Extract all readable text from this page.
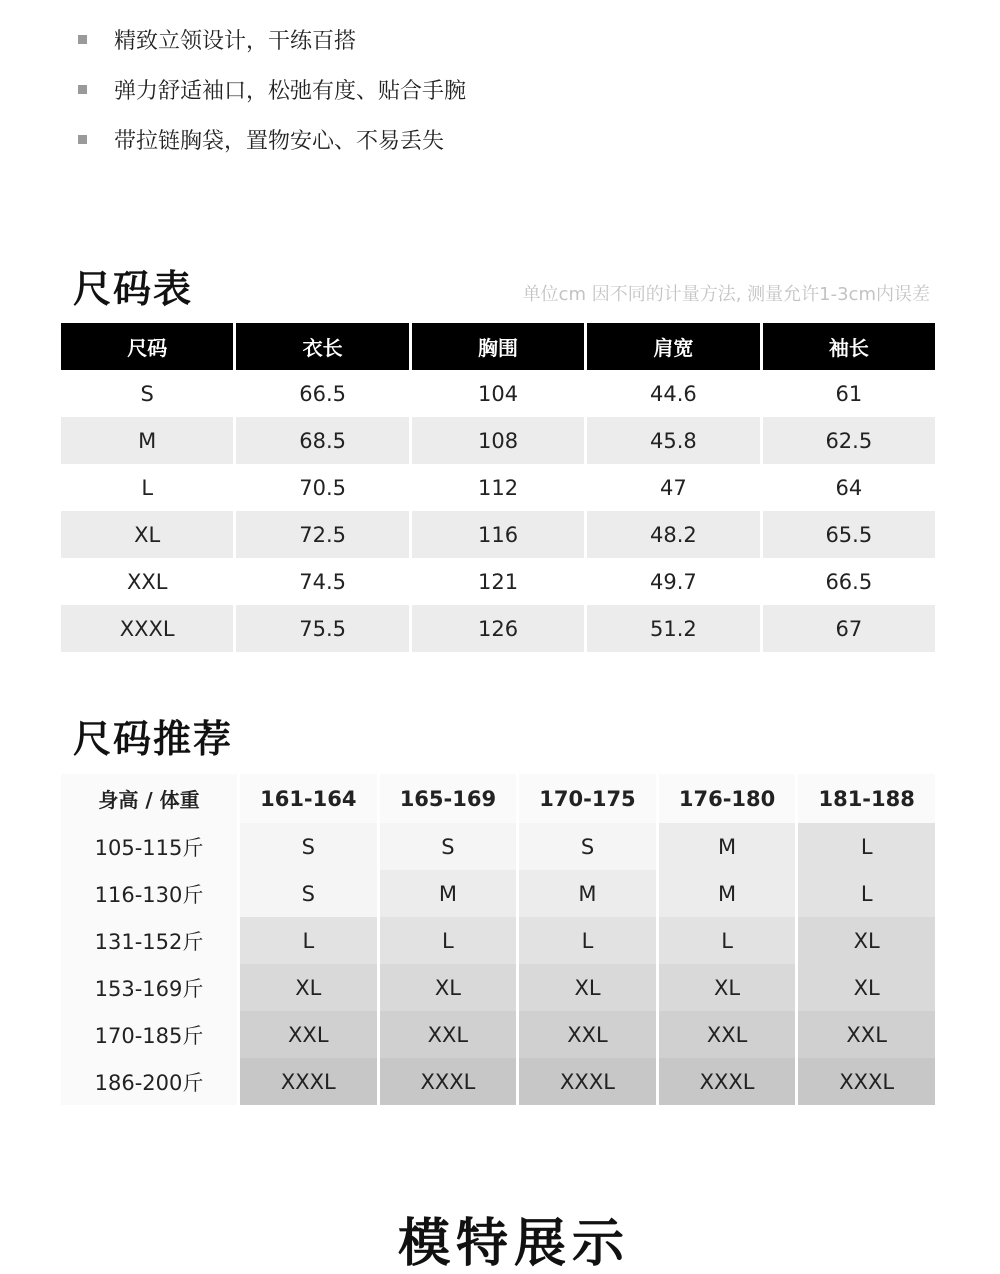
精致立领设计，干练百搭
弹力舒适袖口，松弛有度、贴合手腕
带拉链胸袋，置物安心、不易丢失
尺码表	单位cm 因不同的计量方法, 测量允许1-3cm内误差
尺码	衣长	胸围	肩宽	袖长
S	66.5	104	44.6	61
M	68.5	108	45.8	62.5
L	70.5	112	47	64
XL	72.5	116	48.2	65.5
XXL	74.5	121	49.7	66.5
XXXL	75.5	126	51.2	67
尺码推荐
身高 / 体重	161-164	165-169	170-175	176-180	181-188
105-115斤	S	S	S	M	L
116-130斤	S	M	M	M	L
131-152斤	L	L	L	L	XL
153-169斤	XL	XL	XL	XL	XL
170-185斤	XXL	XXL	XXL	XXL	XXL
186-200斤	XXXL	XXXL	XXXL	XXXL	XXXL
模特展示
